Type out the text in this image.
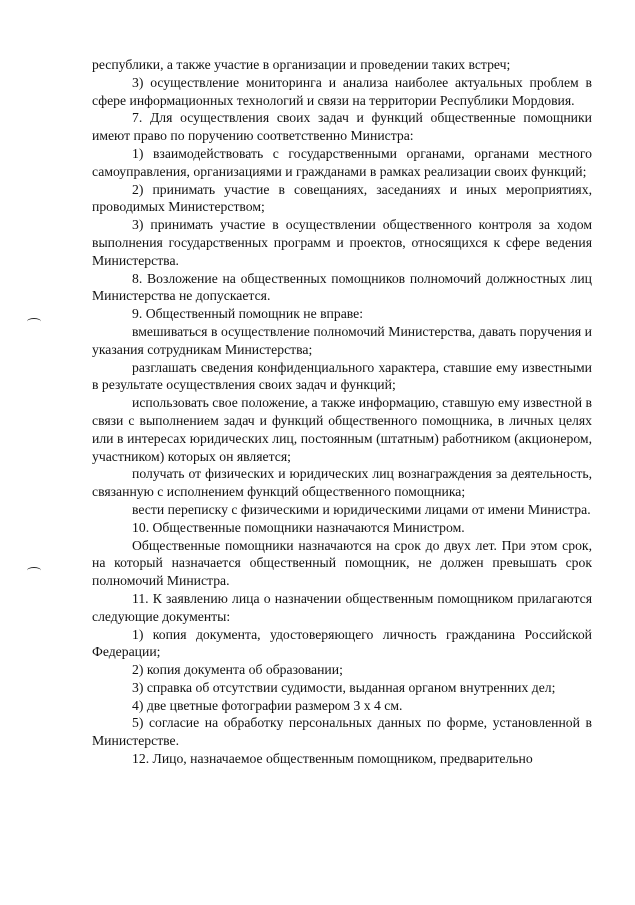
республики, а также участие в организации и проведении таких встреч;

3) осуществление мониторинга и анализа наиболее актуальных проблем в сфере информационных технологий и связи на территории Республики Мордовия.

7. Для осуществления своих задач и функций общественные помощники имеют право по поручению соответственно Министра:

1) взаимодействовать с государственными органами, органами местного самоуправления, организациями и гражданами в рамках реализации своих функций;

2) принимать участие в совещаниях, заседаниях и иных мероприятиях, проводимых Министерством;

3) принимать участие в осуществлении общественного контроля за ходом выполнения государственных программ и проектов, относящихся к сфере ведения Министерства.

8. Возложение на общественных помощников полномочий должностных лиц Министерства не допускается.

9. Общественный помощник не вправе:

вмешиваться в осуществление полномочий Министерства, давать поручения и указания сотрудникам Министерства;

разглашать сведения конфиденциального характера, ставшие ему известными в результате осуществления своих задач и функций;

использовать свое положение, а также информацию, ставшую ему известной в связи с выполнением задач и функций общественного помощника, в личных целях или в интересах юридических лиц, постоянным (штатным) работником (акционером, участником) которых он является;

получать от физических и юридических лиц вознаграждения за деятельность, связанную с исполнением функций общественного помощника;

вести переписку с физическими и юридическими лицами от имени Министра.

10. Общественные помощники назначаются Министром.

Общественные помощники назначаются на срок до двух лет. При этом срок, на который назначается общественный помощник, не должен превышать срок полномочий Министра.

11. К заявлению лица о назначении общественным помощником прилагаются следующие документы:

1) копия документа, удостоверяющего личность гражданина Российской Федерации;

2) копия документа об образовании;

3) справка об отсутствии судимости, выданная органом внутренних дел;

4) две цветные фотографии размером 3 х 4 см.

5) согласие на обработку персональных данных по форме, установленной в Министерстве.

12. Лицо, назначаемое общественным помощником, предварительно
